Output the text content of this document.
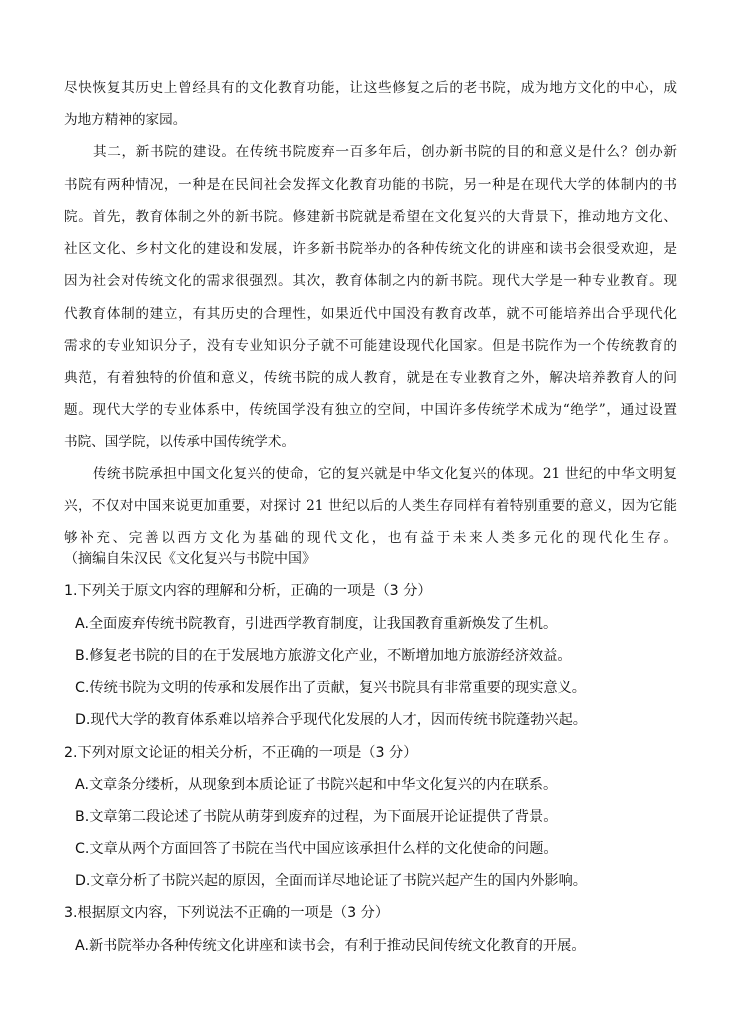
尽快恢复其历史上曾经具有的文化教育功能，让这些修复之后的老书院，成为地方文化的中心，成
为地方精神的家园。
其二，新书院的建设。在传统书院废弃一百多年后，创办新书院的目的和意义是什么？创办新
书院有两种情况，一种是在民间社会发挥文化教育功能的书院，另一种是在现代大学的体制内的书
院。首先，教育体制之外的新书院。修建新书院就是希望在文化复兴的大背景下，推动地方文化、
社区文化、乡村文化的建设和发展，许多新书院举办的各种传统文化的讲座和读书会很受欢迎，是
因为社会对传统文化的需求很强烈。其次，教育体制之内的新书院。现代大学是一种专业教育。现
代教育体制的建立，有其历史的合理性，如果近代中国没有教育改革，就不可能培养出合乎现代化
需求的专业知识分子，没有专业知识分子就不可能建设现代化国家。但是书院作为一个传统教育的
典范，有着独特的价值和意义，传统书院的成人教育，就是在专业教育之外，解决培养教育人的问
题。现代大学的专业体系中，传统国学没有独立的空间，中国许多传统学术成为“绝学”，通过设置
书院、国学院，以传承中国传统学术。
传统书院承担中国文化复兴的使命，它的复兴就是中华文化复兴的体现。21 世纪的中华文明复
兴，不仅对中国来说更加重要，对探讨 21 世纪以后的人类生存同样有着特别重要的意义，因为它能
够补充、完善以西方文化为基础的现代文化，也有益于未来人类多元化的现代化生存。
（摘编自朱汉民《文化复兴与书院中国》
1.下列关于原文内容的理解和分析，正确的一项是（3 分）
A.全面废弃传统书院教育，引进西学教育制度，让我国教育重新焕发了生机。
B.修复老书院的目的在于发展地方旅游文化产业，不断增加地方旅游经济效益。
C.传统书院为文明的传承和发展作出了贡献，复兴书院具有非常重要的现实意义。
D.现代大学的教育体系难以培养合乎现代化发展的人才，因而传统书院蓬勃兴起。
2.下列对原文论证的相关分析，不正确的一项是（3 分）
A.文章条分缕析，从现象到本质论证了书院兴起和中华文化复兴的内在联系。
B.文章第二段论述了书院从萌芽到废弃的过程，为下面展开论证提供了背景。
C.文章从两个方面回答了书院在当代中国应该承担什么样的文化使命的问题。
D.文章分析了书院兴起的原因，全面而详尽地论证了书院兴起产生的国内外影响。
3.根据原文内容，下列说法不正确的一项是（3 分）
A.新书院举办各种传统文化讲座和读书会，有利于推动民间传统文化教育的开展。
